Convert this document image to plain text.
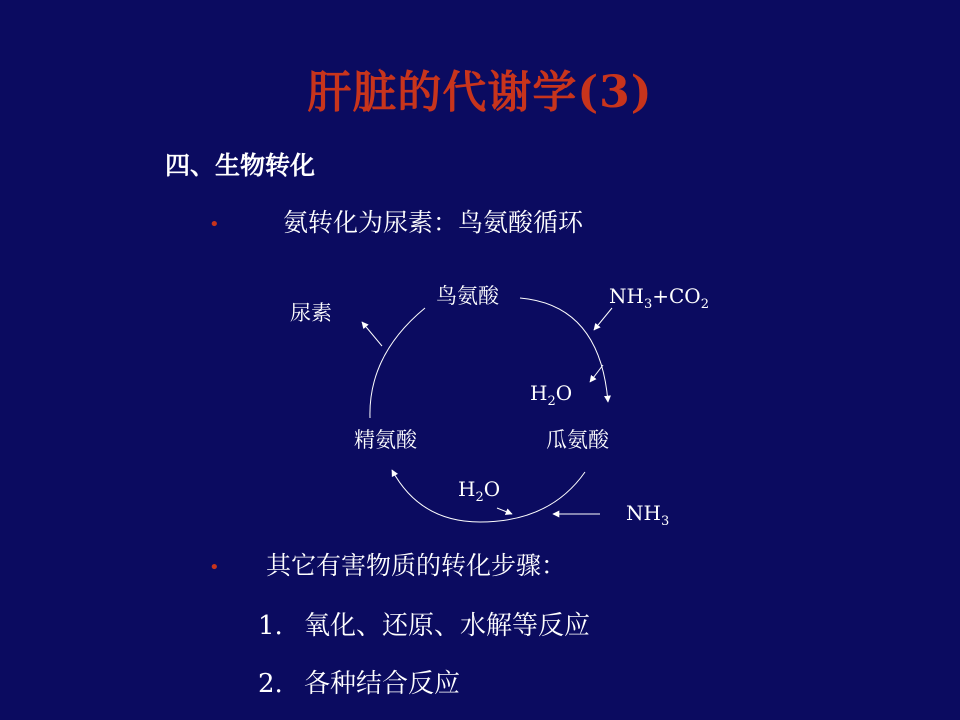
肝脏的代谢学(3)
四、生物转化
•	氨转化为尿素：鸟氨酸循环
鸟氨酸
尿素
瓜氨酸
精氨酸
$NH_3+CO_2$
$H_2O$
$H_2O$
$NH_3$
• 其它有害物质的转化步骤：
1. 氧化、还原、水解等反应
2. 各种结合反应
